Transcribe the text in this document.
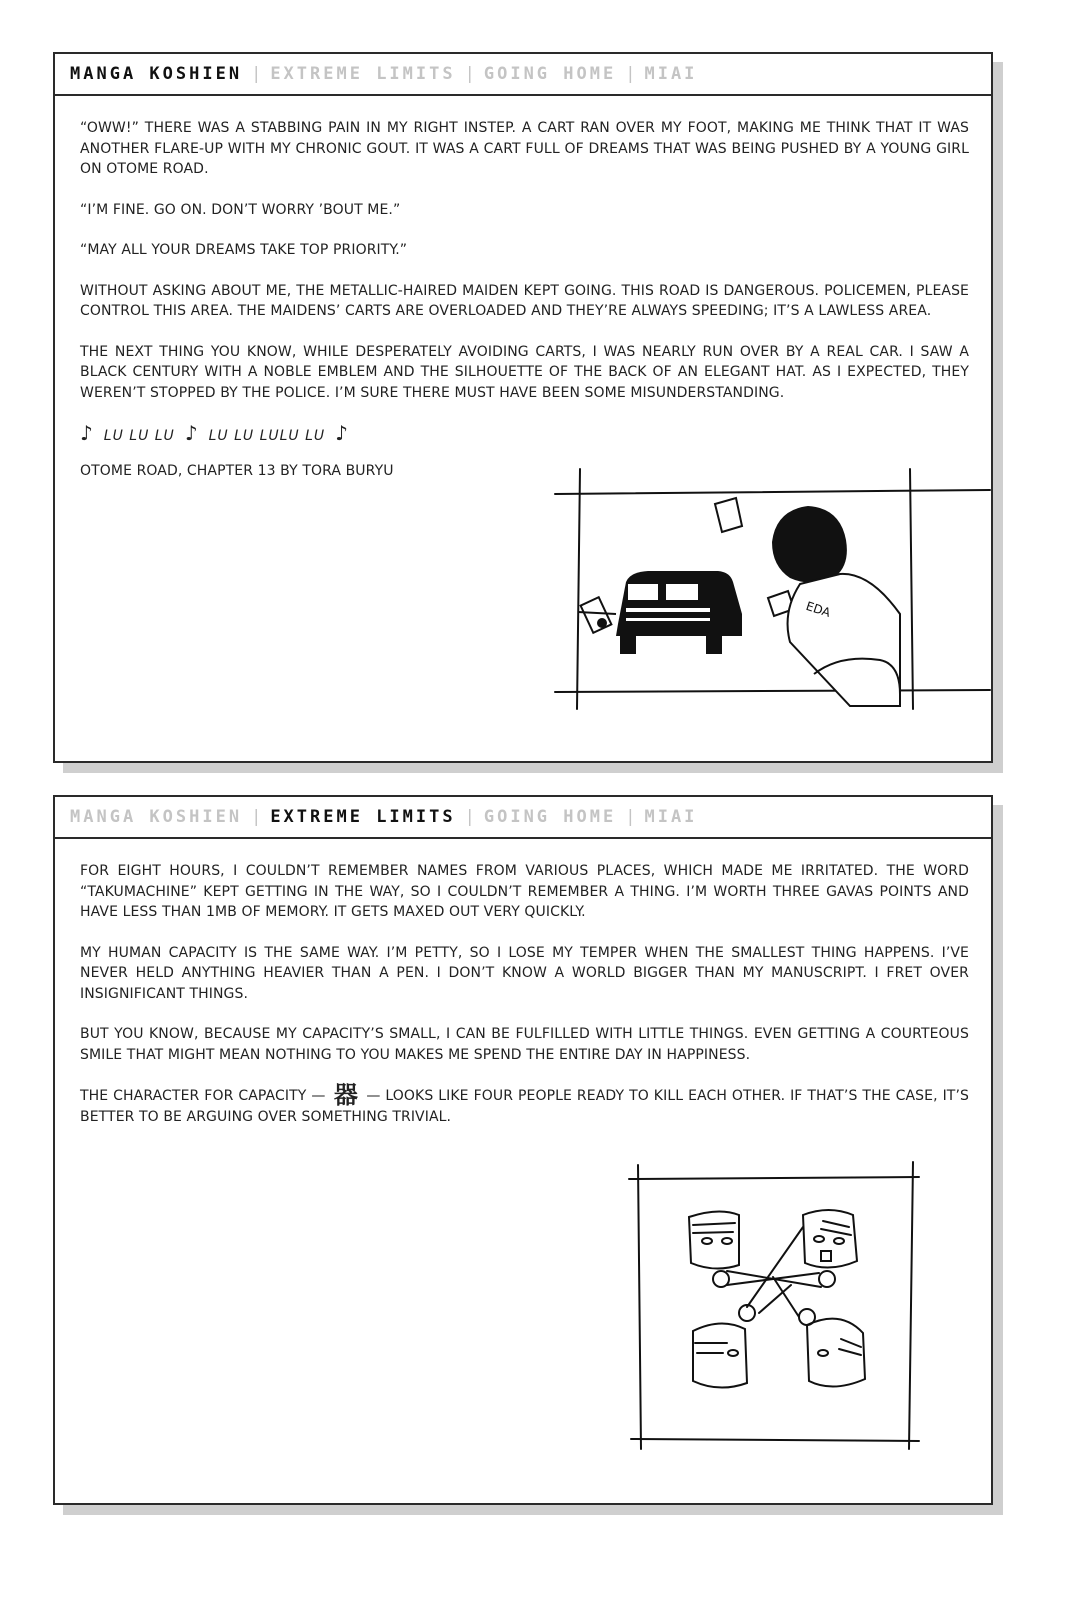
MANGA KOSHIEN | EXTREME LIMITS | GOING HOME | MIAI

“OWW!” THERE WAS A STABBING PAIN IN MY RIGHT INSTEP. A CART RAN OVER MY FOOT, MAKING ME THINK THAT IT WAS ANOTHER FLARE-UP WITH MY CHRONIC GOUT. IT WAS A CART FULL OF DREAMS THAT WAS BEING PUSHED BY A YOUNG GIRL ON OTOME ROAD.

“I’M FINE. GO ON. DON’T WORRY ’BOUT ME.”

“MAY ALL YOUR DREAMS TAKE TOP PRIORITY.”

WITHOUT ASKING ABOUT ME, THE METALLIC-HAIRED MAIDEN KEPT GOING. THIS ROAD IS DANGEROUS. POLICEMEN, PLEASE CONTROL THIS AREA. THE MAIDENS’ CARTS ARE OVERLOADED AND THEY’RE ALWAYS SPEEDING; IT’S A LAWLESS AREA.

THE NEXT THING YOU KNOW, WHILE DESPERATELY AVOIDING CARTS, I WAS NEARLY RUN OVER BY A REAL CAR. I SAW A BLACK CENTURY WITH A NOBLE EMBLEM AND THE SILHOUETTE OF THE BACK OF AN ELEGANT HAT. AS I EXPECTED, THEY WEREN’T STOPPED BY THE POLICE. I’M SURE THERE MUST HAVE BEEN SOME MISUNDERSTANDING.

♪ LU LU LU ♪ LU LU LULU LU ♪

OTOME ROAD, CHAPTER 13 BY TORA BURYU

EDA
MANGA KOSHIEN | EXTREME LIMITS | GOING HOME | MIAI

FOR EIGHT HOURS, I COULDN’T REMEMBER NAMES FROM VARIOUS PLACES, WHICH MADE ME IRRITATED. THE WORD “TAKUMACHINE” KEPT GETTING IN THE WAY, SO I COULDN’T REMEMBER A THING. I’M WORTH THREE GAVAS POINTS AND HAVE LESS THAN 1MB OF MEMORY. IT GETS MAXED OUT VERY QUICKLY.

MY HUMAN CAPACITY IS THE SAME WAY. I’M PETTY, SO I LOSE MY TEMPER WHEN THE SMALLEST THING HAPPENS. I’VE NEVER HELD ANYTHING HEAVIER THAN A PEN. I DON’T KNOW A WORLD BIGGER THAN MY MANUSCRIPT. I FRET OVER INSIGNIFICANT THINGS.

BUT YOU KNOW, BECAUSE MY CAPACITY’S SMALL, I CAN BE FULFILLED WITH LITTLE THINGS. EVEN GETTING A COURTEOUS SMILE THAT MIGHT MEAN NOTHING TO YOU MAKES ME SPEND THE ENTIRE DAY IN HAPPINESS.

THE CHARACTER FOR CAPACITY — 器 — LOOKS LIKE FOUR PEOPLE READY TO KILL EACH OTHER. IF THAT’S THE CASE, IT’S BETTER TO BE ARGUING OVER SOMETHING TRIVIAL.
